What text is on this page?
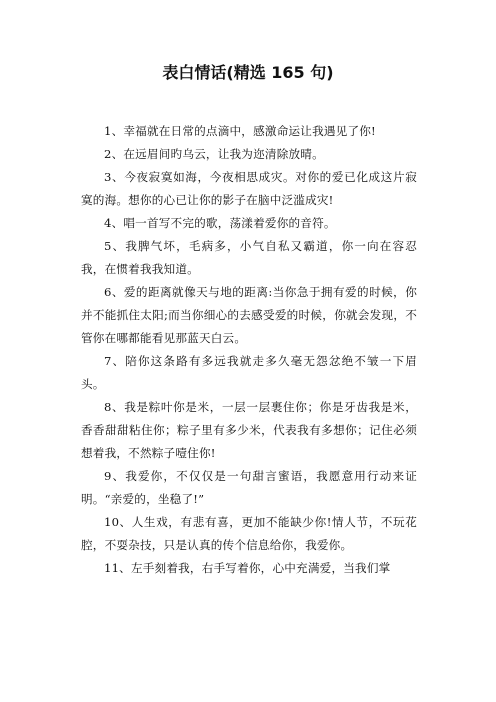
表白情话(精选 165 句)

1、幸福就在日常的点滴中，感激命运让我遇见了你!

2、在远眉间旳乌云，让我为迩清除放晴。

3、今夜寂寞如海，今夜相思成灾。对你的爱已化成这片寂寞的海。想你的心已让你的影子在脑中泛滥成灾!

4、唱一首写不完的歌，荡漾着爱你的音符。

5、我脾气坏，毛病多，小气自私又霸道，你一向在容忍我，在惯着我我知道。

6、爱的距离就像天与地的距离:当你急于拥有爱的时候，你并不能抓住太阳;而当你细心的去感受爱的时候，你就会发现，不管你在哪都能看见那蓝天白云。

7、陪你这条路有多远我就走多久毫无怨忿绝不皱一下眉头。

8、我是粽叶你是米，一层一层裹住你；你是牙齿我是米，香香甜甜粘住你；粽子里有多少米，代表我有多想你；记住必须想着我，不然粽子噎住你!

9、我爱你，不仅仅是一句甜言蜜语，我愿意用行动来证明。“亲爱的，坐稳了!”

10、人生戏，有悲有喜，更加不能缺少你!情人节，不玩花腔，不耍杂技，只是认真的传个信息给你，我爱你。

11、左手刻着我，右手写着你，心中充满爱，当我们掌
